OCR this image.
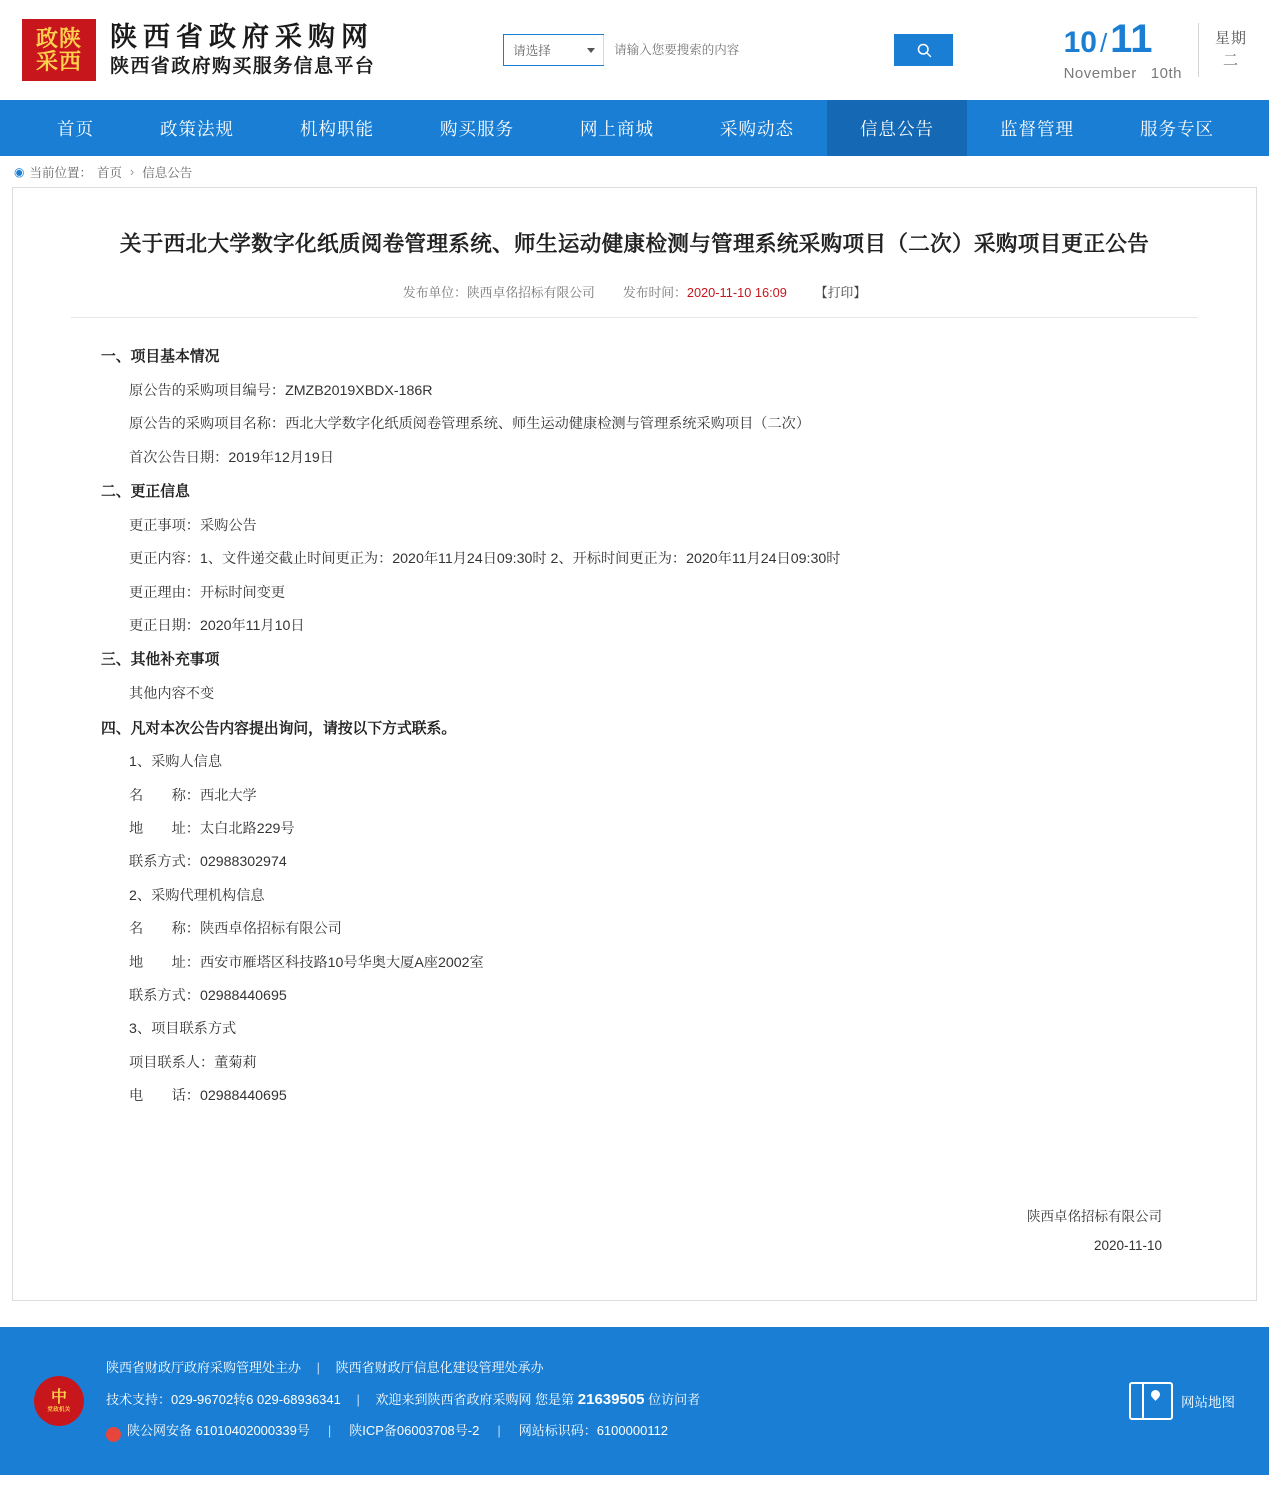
政陕
采西
陕西省政府采购网
陕西省政府购买服务信息平台
请选择
请输入您要搜索的内容	10 / 11
November 10th
星期
二
首页	政策法规	机构职能	购买服务	网上商城	采购动态	信息公告	监督管理	服务专区
◉ 当前位置： 首页 › 信息公告
关于西北大学数字化纸质阅卷管理系统、师生运动健康检测与管理系统采购项目（二次）采购项目更正公告
发布单位：陕西卓佲招标有限公司 发布时间：2020-11-10 16:09 【打印】
一、项目基本情况
原公告的采购项目编号：ZMZB2019XBDX-186R
原公告的采购项目名称：西北大学数字化纸质阅卷管理系统、师生运动健康检测与管理系统采购项目（二次）
首次公告日期：2019年12月19日
二、更正信息
更正事项：采购公告
更正内容：1、文件递交截止时间更正为：2020年11月24日09:30时 2、开标时间更正为：2020年11月24日09:30时
更正理由：开标时间变更
更正日期：2020年11月10日
三、其他补充事项
其他内容不变
四、凡对本次公告内容提出询问，请按以下方式联系。
1、采购人信息
名　　称：西北大学
地　　址：太白北路229号
联系方式：02988302974
2、采购代理机构信息
名　　称：陕西卓佲招标有限公司
地　　址：西安市雁塔区科技路10号华奥大厦A座2002室
联系方式：02988440695
3、项目联系方式
项目联系人：董菊莉
电　　话：02988440695
陕西卓佲招标有限公司
2020-11-10
中
党政机关
陕西省财政厅政府采购管理处主办 | 陕西省财政厅信息化建设管理处承办
技术支持：029-96702转6 029-68936341 | 欢迎来到陕西省政府采购网 您是第 21639505 位访问者
陕公网安备 61010402000339号 | 陕ICP备06003708号-2 | 网站标识码：6100000112
网站地图
